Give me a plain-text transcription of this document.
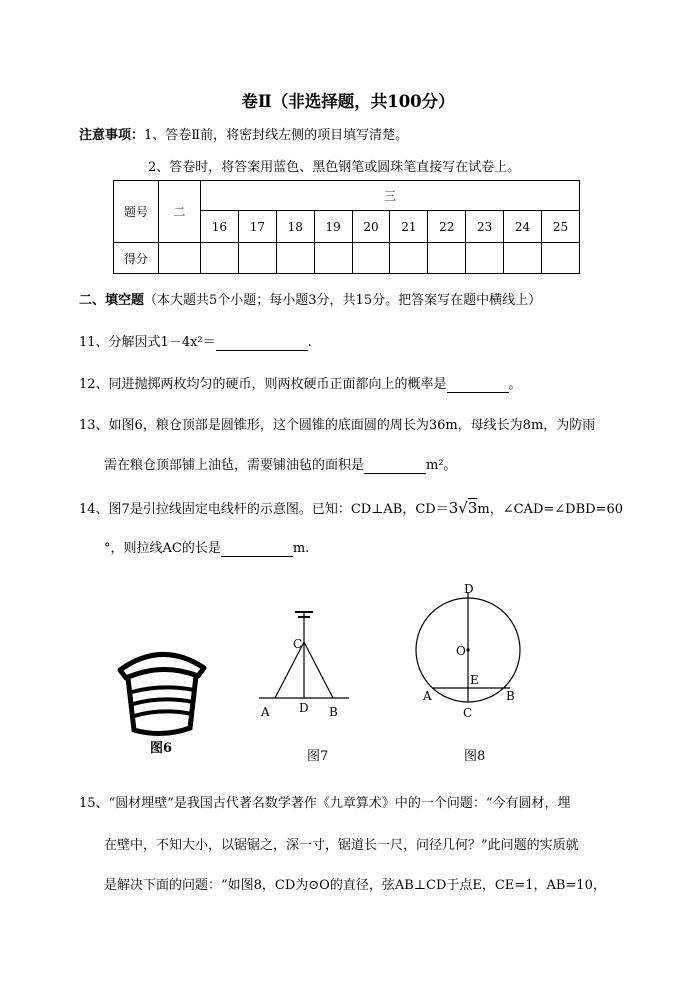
卷Ⅱ（非选择题，共100分）
注意事项：1、答卷Ⅱ前，将密封线左侧的项目填写清楚。
2、答卷时，将答案用蓝色、黑色钢笔或圆珠笔直接写在试卷上。
题号	二	三									
		16	17	18	19	20	21	22	23	24	25
得分											
二、填空题（本大题共5个小题；每小题3分，共15分。把答案写在题中横线上）
11、分解因式1－4x²＝	.
12、同进抛掷两枚均匀的硬币，则两枚硬币正面都向上的概率是	。
13、如图6，粮仓顶部是圆锥形，这个圆锥的底面圆的周长为36m，母线长为8m，为防雨
需在粮仓顶部铺上油毡，需要铺油毡的面积是	m²。
14、图7是引拉线固定电线杆的示意图。已知：CD⊥AB，CD＝3√3m，∠CAD=∠DBD=60
°，则拉线AC的长是	m.
图6
C
A D B
图7
D
O
E
A	B
C
图8
15、“圆材埋壁”是我国古代著名数学著作《九章算术》中的一个问题：“今有圆材，埋
在壁中，不知大小，以锯锯之，深一寸，锯道长一尺，问径几何？”此问题的实质就
是解决下面的问题：“如图8，CD为⊙O的直径，弦AB⊥CD于点E，CE=1，AB=10，
